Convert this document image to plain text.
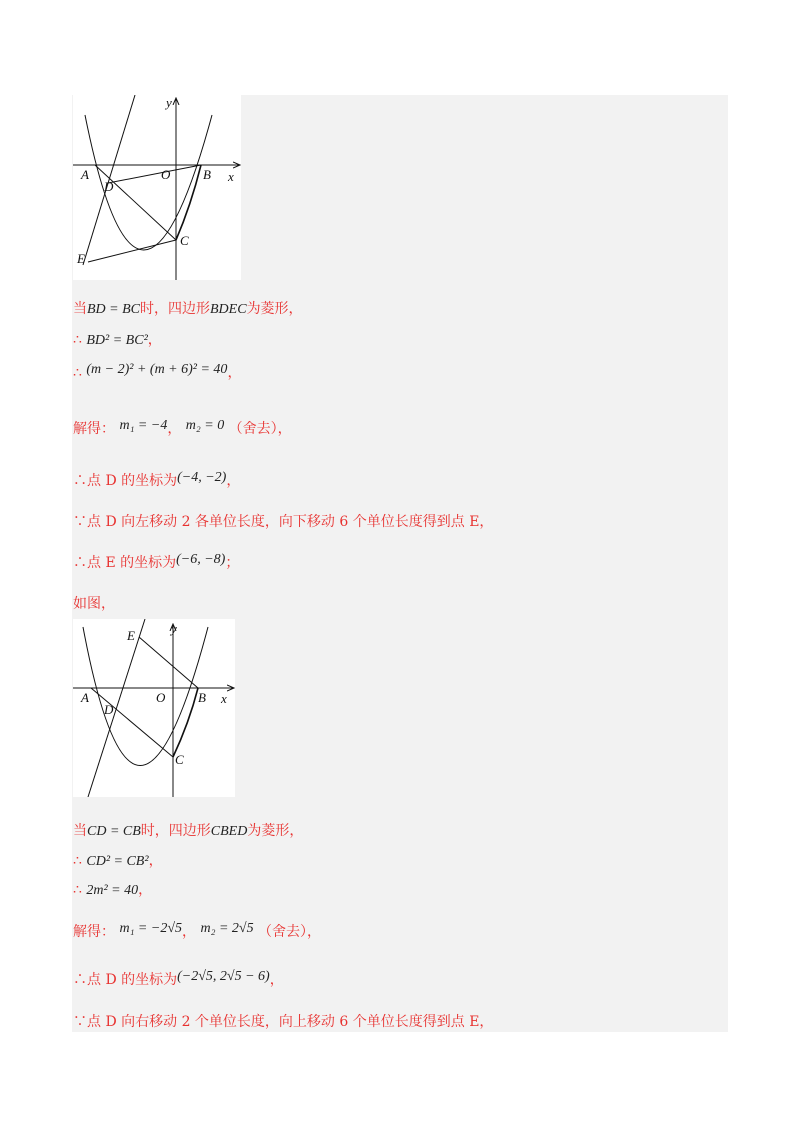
y
x
A
D
O	B
C
E
当BD = BC时，四边形BDEC为菱形，
∴ BD² = BC²，
∴ (m − 2)² + (m + 6)² = 40，
解得： m₁ = −4， m₂ = 0 （舍去），
∴点 D 的坐标为(−4, −2)，
∵点 D 向左移动 2 各单位长度，向下移动 6 个单位长度得到点 E，
∴点 E 的坐标为(−6, −8)；
如图，
y
x
A
D
O	B
C
E
当CD = CB时，四边形CBED为菱形，
∴ CD² = CB²，
∴ 2m² = 40，
解得： m₁ = −2√5， m₂ = 2√5 （舍去），
∴点 D 的坐标为(−2√5, 2√5 − 6)，
∵点 D 向右移动 2 个单位长度，向上移动 6 个单位长度得到点 E，
